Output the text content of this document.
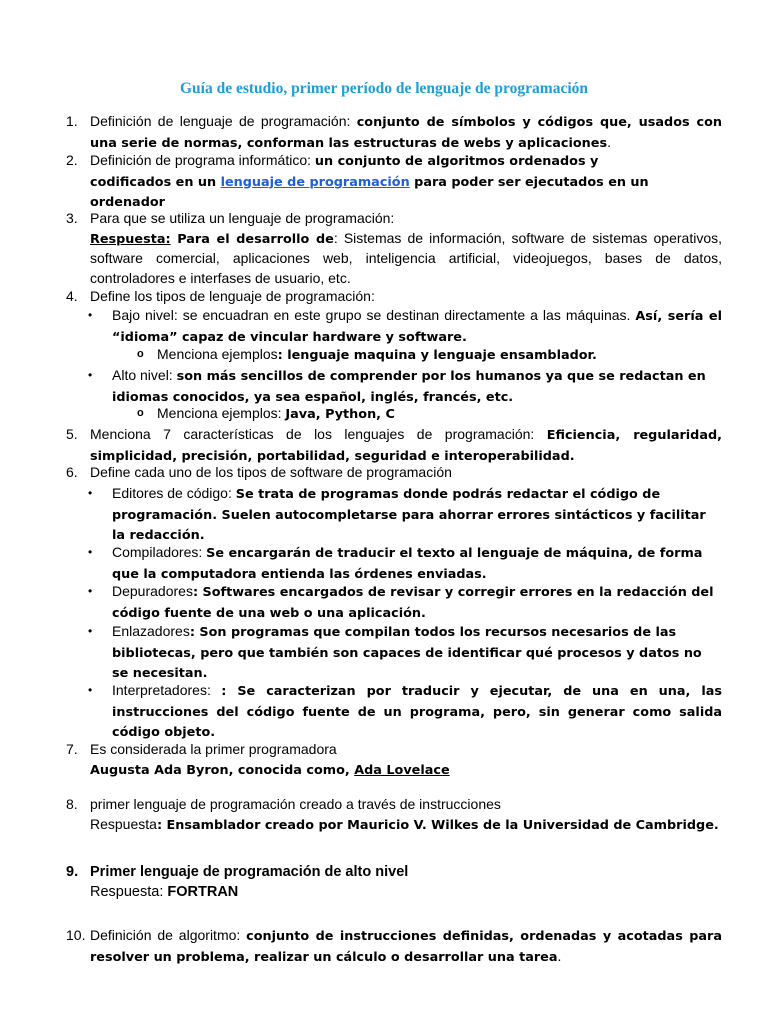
Guía de estudio, primer período de lenguaje de programación
1. Definición de lenguaje de programación: conjunto de símbolos y códigos que, usados con una serie de normas, conforman las estructuras de webs y aplicaciones.
2. Definición de programa informático: un conjunto de algoritmos ordenados y codificados en un lenguaje de programación para poder ser ejecutados en un ordenador
3. Para que se utiliza un lenguaje de programación:
Respuesta: Para el desarrollo de: Sistemas de información, software de sistemas operativos, software comercial, aplicaciones web, inteligencia artificial, videojuegos, bases de datos, controladores e interfases de usuario, etc.
4. Define los tipos de lenguaje de programación:
• Bajo nivel: se encuadran en este grupo se destinan directamente a las máquinas. Así, sería el “idioma” capaz de vincular hardware y software.
o Menciona ejemplos: lenguaje maquina y lenguaje ensamblador.
• Alto nivel: son más sencillos de comprender por los humanos ya que se redactan en idiomas conocidos, ya sea español, inglés, francés, etc.
o Menciona ejemplos: Java, Python, C
5. Menciona 7 características de los lenguajes de programación: Eficiencia, regularidad, simplicidad, precisión, portabilidad, seguridad e interoperabilidad.
6. Define cada uno de los tipos de software de programación
• Editores de código: Se trata de programas donde podrás redactar el código de programación. Suelen autocompletarse para ahorrar errores sintácticos y facilitar la redacción.
• Compiladores: Se encargarán de traducir el texto al lenguaje de máquina, de forma que la computadora entienda las órdenes enviadas.
• Depuradores: Softwares encargados de revisar y corregir errores en la redacción del código fuente de una web o una aplicación.
• Enlazadores: Son programas que compilan todos los recursos necesarios de las bibliotecas, pero que también son capaces de identificar qué procesos y datos no se necesitan.
• Interpretadores: : Se caracterizan por traducir y ejecutar, de una en una, las instrucciones del código fuente de un programa, pero, sin generar como salida código objeto.
7. Es considerada la primer programadora
Augusta Ada Byron, conocida como, Ada Lovelace
8. primer lenguaje de programación creado a través de instrucciones
Respuesta: Ensamblador creado por Mauricio V. Wilkes de la Universidad de Cambridge.
9. Primer lenguaje de programación de alto nivel
Respuesta: FORTRAN
10. Definición de algoritmo: conjunto de instrucciones definidas, ordenadas y acotadas para resolver un problema, realizar un cálculo o desarrollar una tarea.
